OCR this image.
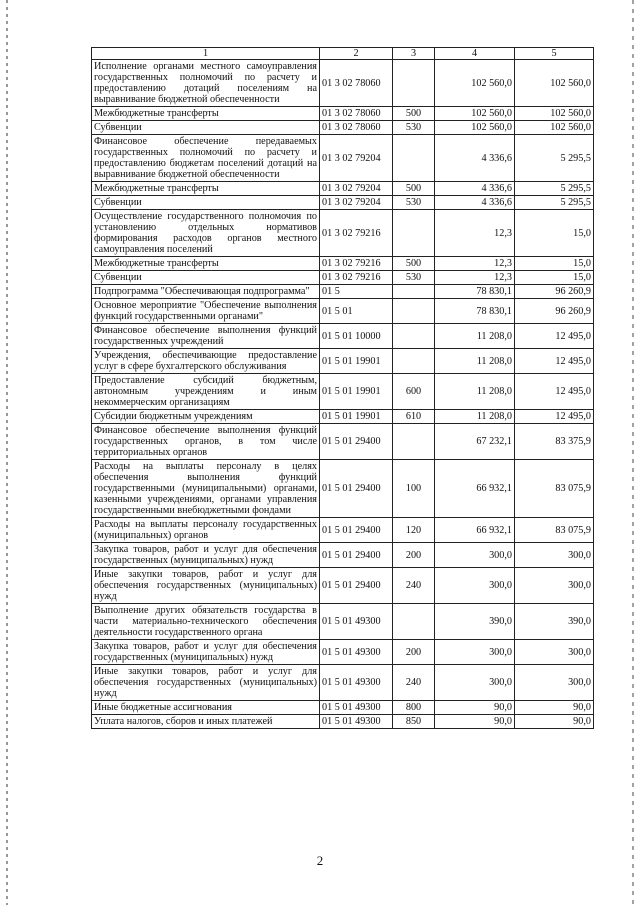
1	2	3	4	5
Исполнение органами местного самоуправления государственных полномочий по расчету и предоставлению дотаций поселениям на выравнивание бюджетной обеспеченности	01 3 02 78060		102 560,0	102 560,0
Межбюджетные трансферты	01 3 02 78060	500	102 560,0	102 560,0
Субвенции	01 3 02 78060	530	102 560,0	102 560,0
Финансовое обеспечение передаваемых государственных полномочий по расчету и предоставлению бюджетам поселений дотаций на выравнивание бюджетной обеспеченности	01 3 02 79204		4 336,6	5 295,5
Межбюджетные трансферты	01 3 02 79204	500	4 336,6	5 295,5
Субвенции	01 3 02 79204	530	4 336,6	5 295,5
Осуществление государственного полномочия по установлению отдельных нормативов формирования расходов органов местного самоуправления поселений	01 3 02 79216		12,3	15,0
Межбюджетные трансферты	01 3 02 79216	500	12,3	15,0
Субвенции	01 3 02 79216	530	12,3	15,0
Подпрограмма "Обеспечивающая подпрограмма"	01 5		78 830,1	96 260,9
Основное мероприятие "Обеспечение выполнения функций государственными органами"	01 5 01		78 830,1	96 260,9
Финансовое обеспечение выполнения функций государственных учреждений	01 5 01 10000		11 208,0	12 495,0
Учреждения, обеспечивающие предоставление услуг в сфере бухгалтерского обслуживания	01 5 01 19901		11 208,0	12 495,0
Предоставление субсидий бюджетным, автономным учреждениям и иным некоммерческим организациям	01 5 01 19901	600	11 208,0	12 495,0
Субсидии бюджетным учреждениям	01 5 01 19901	610	11 208,0	12 495,0
Финансовое обеспечение выполнения функций государственных органов, в том числе территориальных органов	01 5 01 29400		67 232,1	83 375,9
Расходы на выплаты персоналу в целях обеспечения выполнения функций государственными (муниципальными) органами, казенными учреждениями, органами управления государственными внебюджетными фондами	01 5 01 29400	100	66 932,1	83 075,9
Расходы на выплаты персоналу государственных (муниципальных) органов	01 5 01 29400	120	66 932,1	83 075,9
Закупка товаров, работ и услуг для обеспечения государственных (муниципальных) нужд	01 5 01 29400	200	300,0	300,0
Иные закупки товаров, работ и услуг для обеспечения государственных (муниципальных) нужд	01 5 01 29400	240	300,0	300,0
Выполнение других обязательств государства в части материально-технического обеспечения деятельности государственного органа	01 5 01 49300		390,0	390,0
Закупка товаров, работ и услуг для обеспечения государственных (муниципальных) нужд	01 5 01 49300	200	300,0	300,0
Иные закупки товаров, работ и услуг для обеспечения государственных (муниципальных) нужд	01 5 01 49300	240	300,0	300,0
Иные бюджетные ассигнования	01 5 01 49300	800	90,0	90,0
Уплата налогов, сборов и иных платежей	01 5 01 49300	850	90,0	90,0
2
